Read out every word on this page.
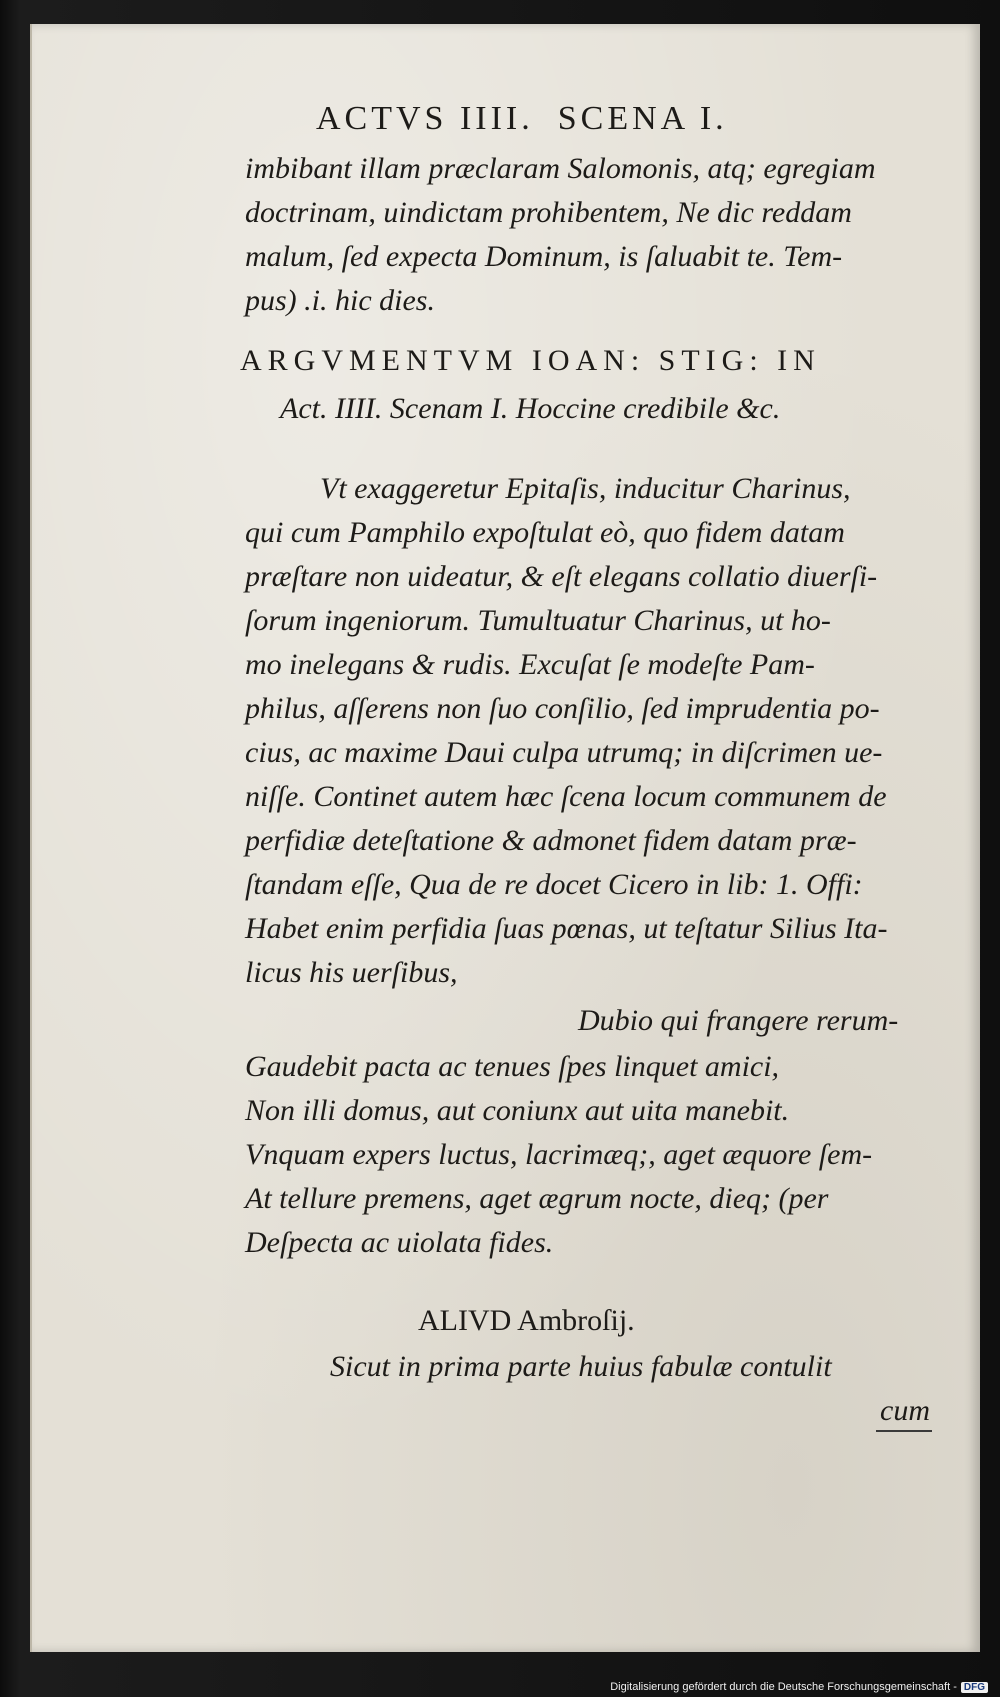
ACTVS IIII. SCENA I.
imbibant illam præclaram Salomonis, atq; egregiam
doctrinam, uindictam prohibentem, Ne dic reddam
malum, ſed expecta Dominum, is ſaluabit te. Tem-
pus) .i. hic dies.
ARGVMENTVM IOAN: STIG: IN
Act. IIII. Scenam I. Hoccine credibile &c.
Vt exaggeretur Epitaſis, inducitur Charinus,
qui cum Pamphilo expoſtulat eò, quo fidem datam
præſtare non uideatur, & eſt elegans collatio diuerſi-
ſorum ingeniorum. Tumultuatur Charinus, ut ho-
mo inelegans & rudis. Excuſat ſe modeſte Pam-
philus, aſſerens non ſuo conſilio, ſed imprudentia po-
cius, ac maxime Daui culpa utrumq; in diſcrimen ue-
niſſe. Continet autem hæc ſcena locum communem de
perfidiæ deteſtatione & admonet fidem datam præ-
ſtandam eſſe, Qua de re docet Cicero in lib: 1. Offi:
Habet enim perfidia ſuas pœnas, ut teſtatur Silius Ita-
licus his uerſibus,
Dubio qui frangere rerum-
Gaudebit pacta ac tenues ſpes linquet amici,
Non illi domus, aut coniunx aut uita manebit.
Vnquam expers luctus, lacrimæq;, aget æquore ſem-
At tellure premens, aget ægrum nocte, dieq; (per
Deſpecta ac uiolata fides.
ALIVD Ambroſij.
Sicut in prima parte huius fabulæ contulit
cum
Digitalisierung gefördert durch die Deutsche Forschungsgemeinschaft - DFG
